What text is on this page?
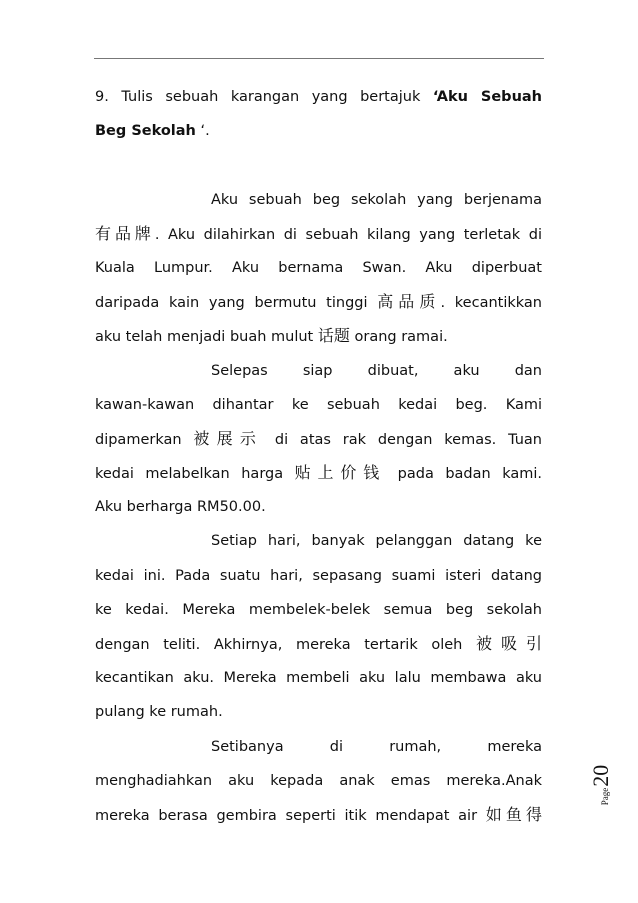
9. Tulis sebuah karangan yang bertajuk ‘Aku Sebuah
Beg Sekolah ‘.
Aku sebuah beg sekolah yang berjenama
有品牌. Aku dilahirkan di sebuah kilang yang terletak di
Kuala Lumpur. Aku bernama Swan. Aku diperbuat
daripada kain yang bermutu tinggi 高品质. kecantikkan
aku telah menjadi buah mulut 话题 orang ramai.
Selepas siap dibuat, aku dan
kawan-kawan dihantar ke sebuah kedai beg. Kami
dipamerkan 被展示 di atas rak dengan kemas. Tuan
kedai melabelkan harga 贴上价钱 pada badan kami.
Aku berharga RM50.00.
Setiap hari, banyak pelanggan datang ke
kedai ini. Pada suatu hari, sepasang suami isteri datang
ke kedai. Mereka membelek-belek semua beg sekolah
dengan teliti. Akhirnya, mereka tertarik oleh 被吸引
kecantikan aku. Mereka membeli aku lalu membawa aku
pulang ke rumah.
Setibanya di rumah, mereka
menghadiahkan aku kepada anak emas mereka.Anak
mereka berasa gembira seperti itik mendapat air 如鱼得
Page
20
